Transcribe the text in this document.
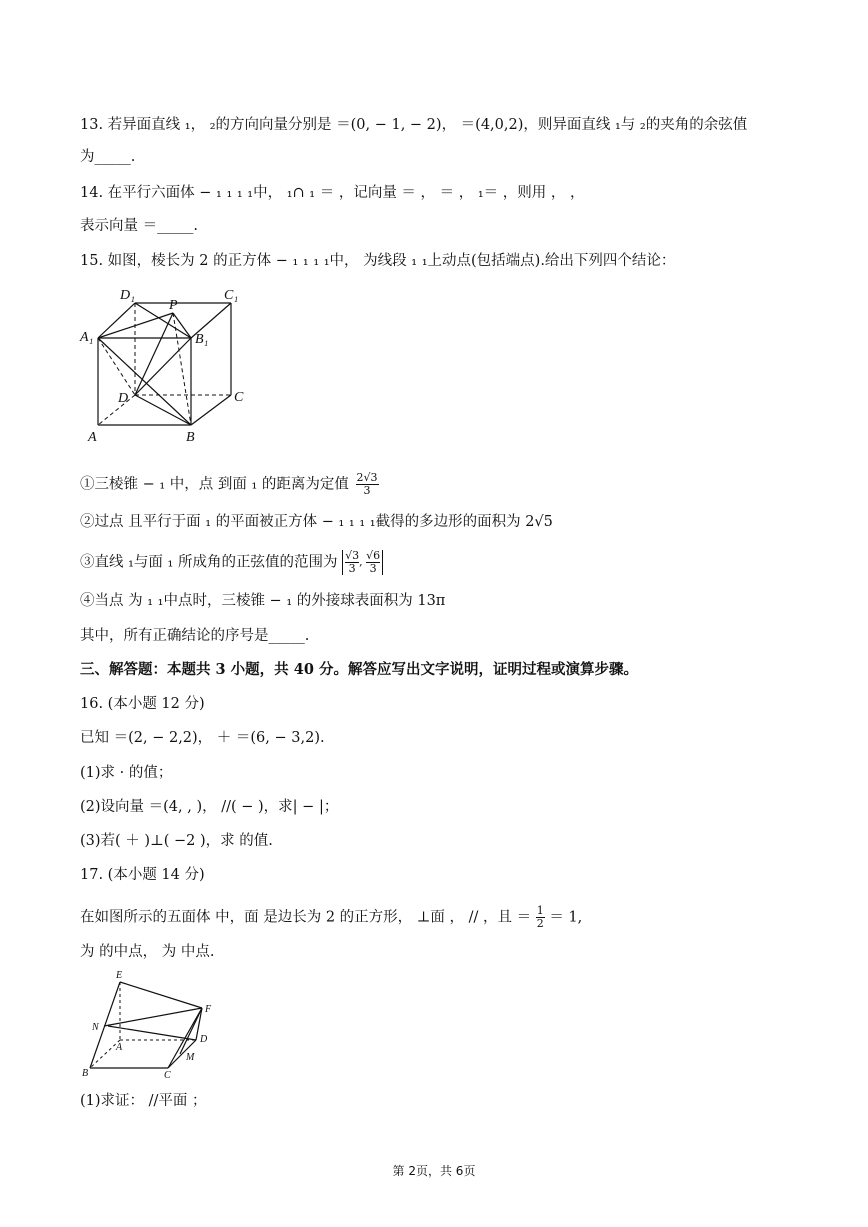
13. 若异面直线 ₁， ₂的方向向量分别是 ＝(0, − 1, − 2)， ＝(4,0,2)，则异面直线 ₁与 ₂的夹角的余弦值
为_____.
14. 在平行六面体 − ₁ ₁ ₁ ₁中， ₁∩ ₁ ＝ ，记向量 ＝ ， ＝ ， ₁＝ ，则用 ， ，
表示向量 ＝_____.
15. 如图，棱长为 2 的正方体 − ₁ ₁ ₁ ₁中， 为线段 ₁ ₁上动点(包括端点).给出下列四个结论：
D₁	C₁
P
A₁	B₁
D	C
A	B
①三棱锥 − ₁ 中，点 到面 ₁ 的距离为定值 $\frac{2√3}{3}$
②过点 且平行于面 ₁ 的平面被正方体 − ₁ ₁ ₁ ₁截得的多边形的面积为 2√5
③直线 ₁与面 ₁ 所成角的正弦值的范围为 $\frac{√3}{3}$ , $\frac{√6}{3}$
④当点 为 ₁ ₁中点时，三棱锥 − ₁ 的外接球表面积为 13π
其中，所有正确结论的序号是_____.
三、解答题：本题共 3 小题，共 40 分。解答应写出文字说明，证明过程或演算步骤。
16. (本小题 12 分)
已知 ＝(2, − 2,2)， ＋ ＝(6, − 3,2).
(1)求 · 的值；
(2)设向量 ＝(4, , )， //( − )，求| − |；
(3)若( ＋ )⊥( −2 )，求 的值.
17. (本小题 14 分)
在如图所示的五面体 中，面 是边长为 2 的正方形， ⊥面 ， // ，且 ＝ $\frac{1}{2} = 1$,
为 的中点， 为 中点.
E
F
N
A
D
M
B	C
(1)求证： //平面 ；
第 2页，共 6页
